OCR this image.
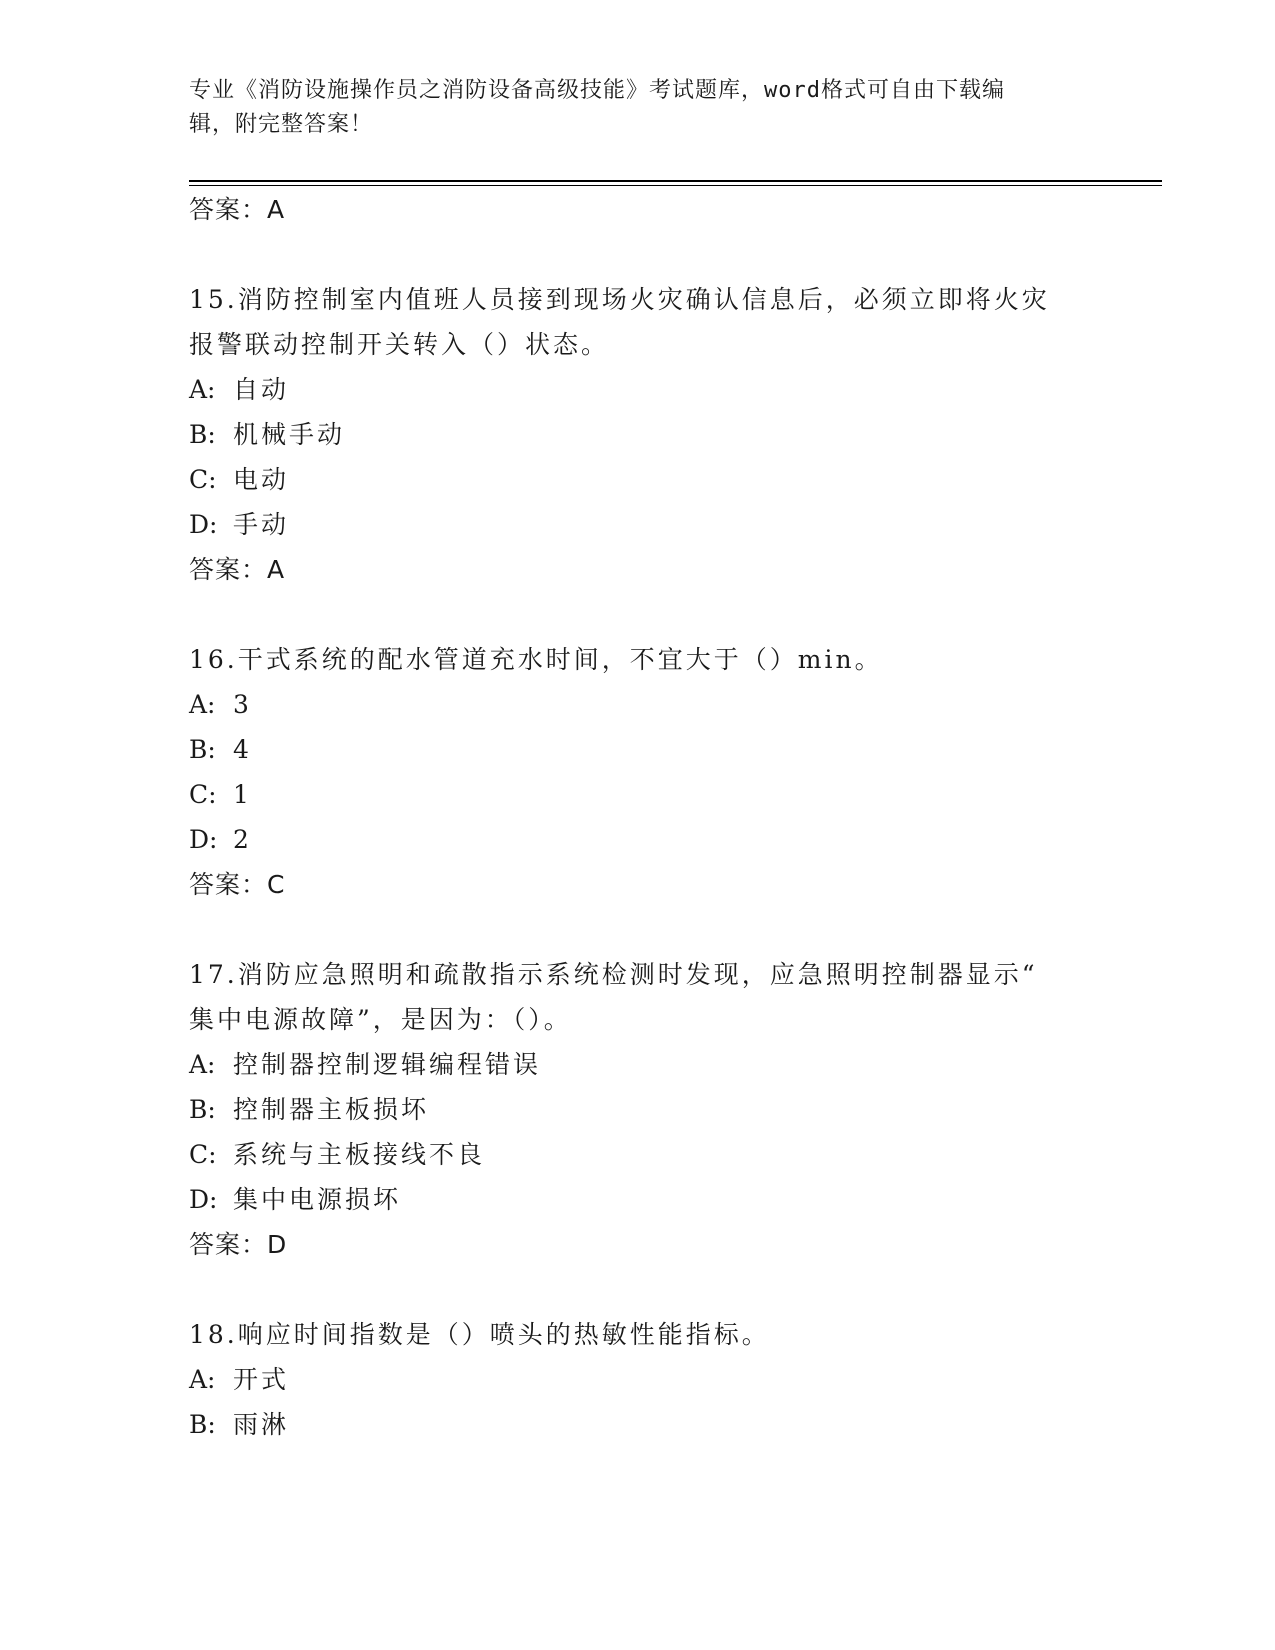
专业《消防设施操作员之消防设备高级技能》考试题库，word格式可自由下载编
辑，附完整答案！
答案：A
15.消防控制室内值班人员接到现场火灾确认信息后，必须立即将火灾
报警联动控制开关转入（）状态。
A: 自动
B: 机械手动
C: 电动
D: 手动
答案：A
16.干式系统的配水管道充水时间，不宜大于（）min。
A: 3
B: 4
C: 1
D: 2
答案：C
17.消防应急照明和疏散指示系统检测时发现，应急照明控制器显示“
集中电源故障”，是因为：（）。
A: 控制器控制逻辑编程错误
B: 控制器主板损坏
C: 系统与主板接线不良
D: 集中电源损坏
答案：D
18.响应时间指数是（）喷头的热敏性能指标。
A: 开式
B: 雨淋
